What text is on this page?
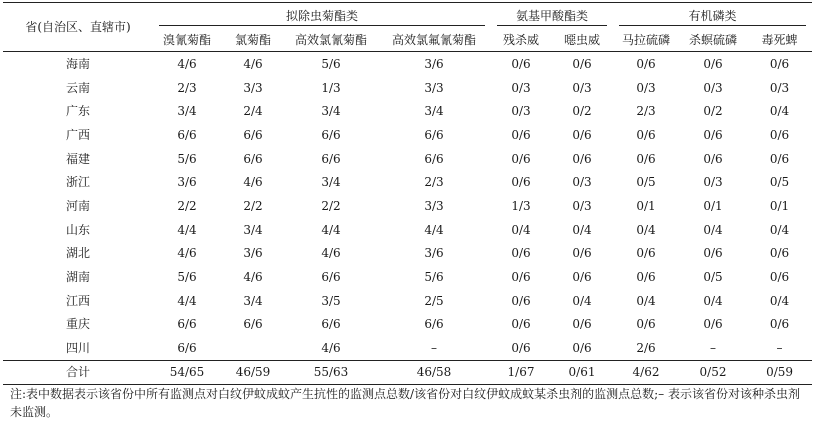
省(自治区、直辖市)	拟除虫菊酯类				氨基甲酸酯类		有机磷类		

	溴氰菊酯	氯菊酯	高效氯氰菊酯	高效氯氟氰菊酯	残杀威	噁虫威	马拉硫磷	杀螟硫磷	毒死蜱
海南	4/6	4/6	5/6	3/6	0/6	0/6	0/6	0/6	0/6
云南	2/3	3/3	1/3	3/3	0/3	0/3	0/3	0/3	0/3
广东	3/4	2/4	3/4	3/4	0/3	0/2	2/3	0/2	0/4
广西	6/6	6/6	6/6	6/6	0/6	0/6	0/6	0/6	0/6
福建	5/6	6/6	6/6	6/6	0/6	0/6	0/6	0/6	0/6
浙江	3/6	4/6	3/4	2/3	0/6	0/3	0/5	0/3	0/5
河南	2/2	2/2	2/2	3/3	1/3	0/3	0/1	0/1	0/1
山东	4/4	3/4	4/4	4/4	0/4	0/4	0/4	0/4	0/4
湖北	4/6	3/6	4/6	3/6	0/6	0/6	0/6	0/6	0/6
湖南	5/6	4/6	6/6	5/6	0/6	0/6	0/6	0/5	0/6
江西	4/4	3/4	3/5	2/5	0/6	0/4	0/4	0/4	0/4
重庆	6/6	6/6	6/6	6/6	0/6	0/6	0/6	0/6	0/6
四川	6/6		4/6	–	0/6	0/6	2/6	–	–
合计	54/65	46/59	55/63	46/58	1/67	0/61	4/62	0/52	0/59
注:表中数据表示该省份中所有监测点对白纹伊蚊成蚊产生抗性的监测点总数/该省份对白纹伊蚊成蚊某杀虫剂的监测点总数;– 表示该省份对该种杀虫剂未监测。
